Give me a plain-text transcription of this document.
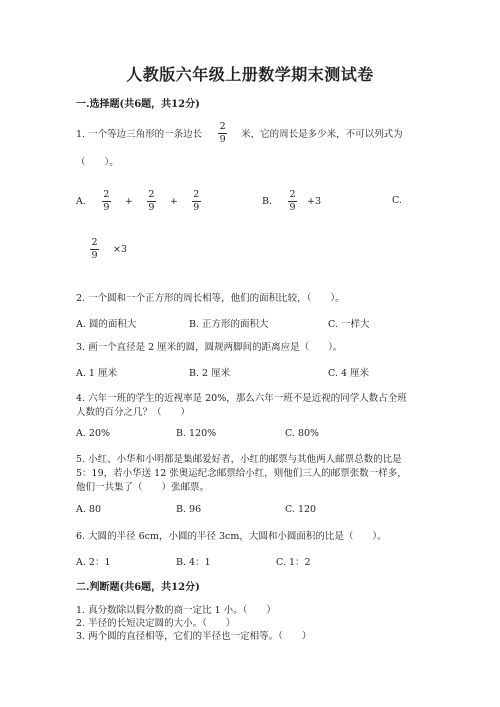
人教版六年级上册数学期末测试卷
一.选择题(共6题，共12分)
1. 一个等边三角形的一条边长 $\frac{2}{9}$ 米，它的周长是多少米，不可以列式为
（　　）。
A. $\frac{2}{9} + \frac{2}{9} + \frac{2}{9}$	B. $\frac{2}{9} +3$	C.
$\frac{2}{9} \times 3$
2. 一个圆和一个正方形的周长相等，他们的面积比较，（　　）。
A. 圆的面积大	B. 正方形的面积大	C. 一样大
3. 画一个直径是 2 厘米的圆，圆规两脚间的距离应是（　　）。
A. 1 厘米	B. 2 厘米	C. 4 厘米
4. 六年一班的学生的近视率是 20%，那么六年一班不是近视的同学人数占全班
人数的百分之几？（　　）
A. 20%	B. 120%	C. 80%
5. 小红、小华和小明都是集邮爱好者，小红的邮票与其他两人邮票总数的比是
5：19，若小华送 12 张奥运纪念邮票给小红，则他们三人的邮票张数一样多，
他们一共集了（　　）张邮票。
A. 80	B. 96	C. 120
6. 大圆的半径 6cm，小圆的半径 3cm，大圆和小圆面积的比是（　　）。
A. 2：1	B. 4：1	C. 1：2
二.判断题(共6题，共12分)
1. 真分数除以假分数的商一定比 1 小。（　　）
2. 半径的长短决定圆的大小。（　　）
3. 两个圆的直径相等，它们的半径也一定相等。（　　）
